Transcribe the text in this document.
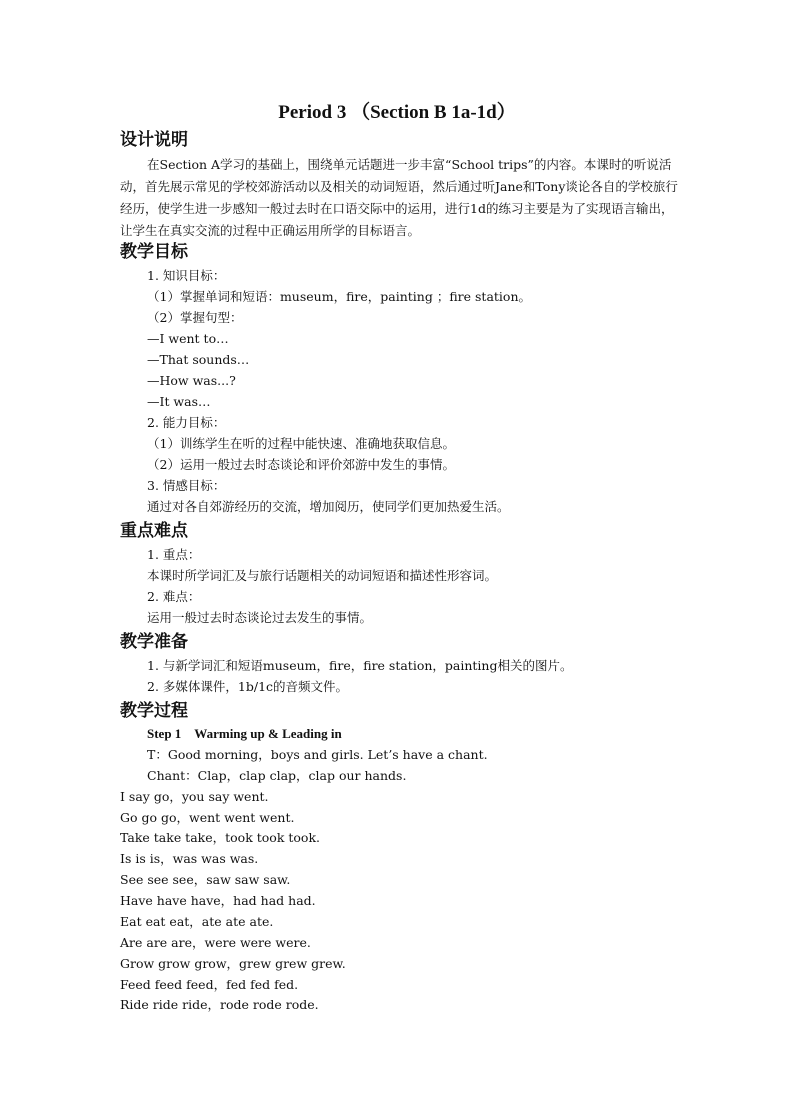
Period 3 （Section B 1a-1d）
设计说明

在Section A学习的基础上，围绕单元话题进一步丰富“School trips”的内容。本课时的听说活动，首先展示常见的学校郊游活动以及相关的动词短语，然后通过听Jane和Tony谈论各自的学校旅行经历，使学生进一步感知一般过去时在口语交际中的运用，进行1d的练习主要是为了实现语言输出，让学生在真实交流的过程中正确运用所学的目标语言。

教学目标

1. 知识目标：

（1）掌握单词和短语：museum，fire，painting ；fire station。

（2）掌握句型：

—I went to…

—That sounds…

—How was...?

—It was…

2. 能力目标：

（1）训练学生在听的过程中能快速、准确地获取信息。

（2）运用一般过去时态谈论和评价郊游中发生的事情。

3. 情感目标：

通过对各自郊游经历的交流，增加阅历，使同学们更加热爱生活。

重点难点

1. 重点：

本课时所学词汇及与旅行话题相关的动词短语和描述性形容词。

2. 难点：

运用一般过去时态谈论过去发生的事情。

教学准备

1. 与新学词汇和短语museum，fire，fire station，painting相关的图片。

2. 多媒体课件，1b/1c的音频文件。

教学过程

Step 1　Warming up & Leading in

T：Good morning，boys and girls. Let’s have a chant.

Chant：Clap，clap clap，clap our hands.

I say go，you say went.

Go go go，went went went.

Take take take，took took took.

Is is is，was was was.

See see see，saw saw saw.

Have have have，had had had.

Eat eat eat，ate ate ate.

Are are are，were were were.

Grow grow grow，grew grew grew.

Feed feed feed，fed fed fed.

Ride ride ride，rode rode rode.
